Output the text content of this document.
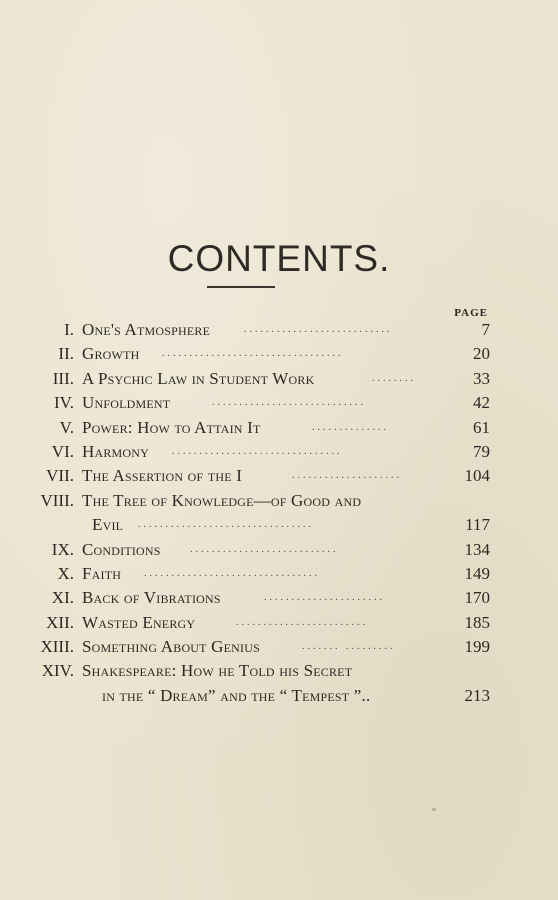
CONTENTS.
PAGE
I. One's Atmosphere	...........................	7
II. Growth .................................	20
III. A Psychic Law in Student Work	........	33
IV. Unfoldment	............................	42
V. Power: How to Attain It	..............	61
VI. Harmony ...............................	79
VII. The Assertion of the I	....................	104
VIII. The Tree of Knowledge—of Good and
Evil ................................	117
IX. Conditions	...........................	134
X. Faith ................................	149
XI. Back of Vibrations	......................	170
XII. Wasted Energy	........................	185
XIII. Something About Genius	....... .........	199
XIV. Shakespeare: How he Told his Secret
in the “ Dream” and the “ Tempest ”..	213
